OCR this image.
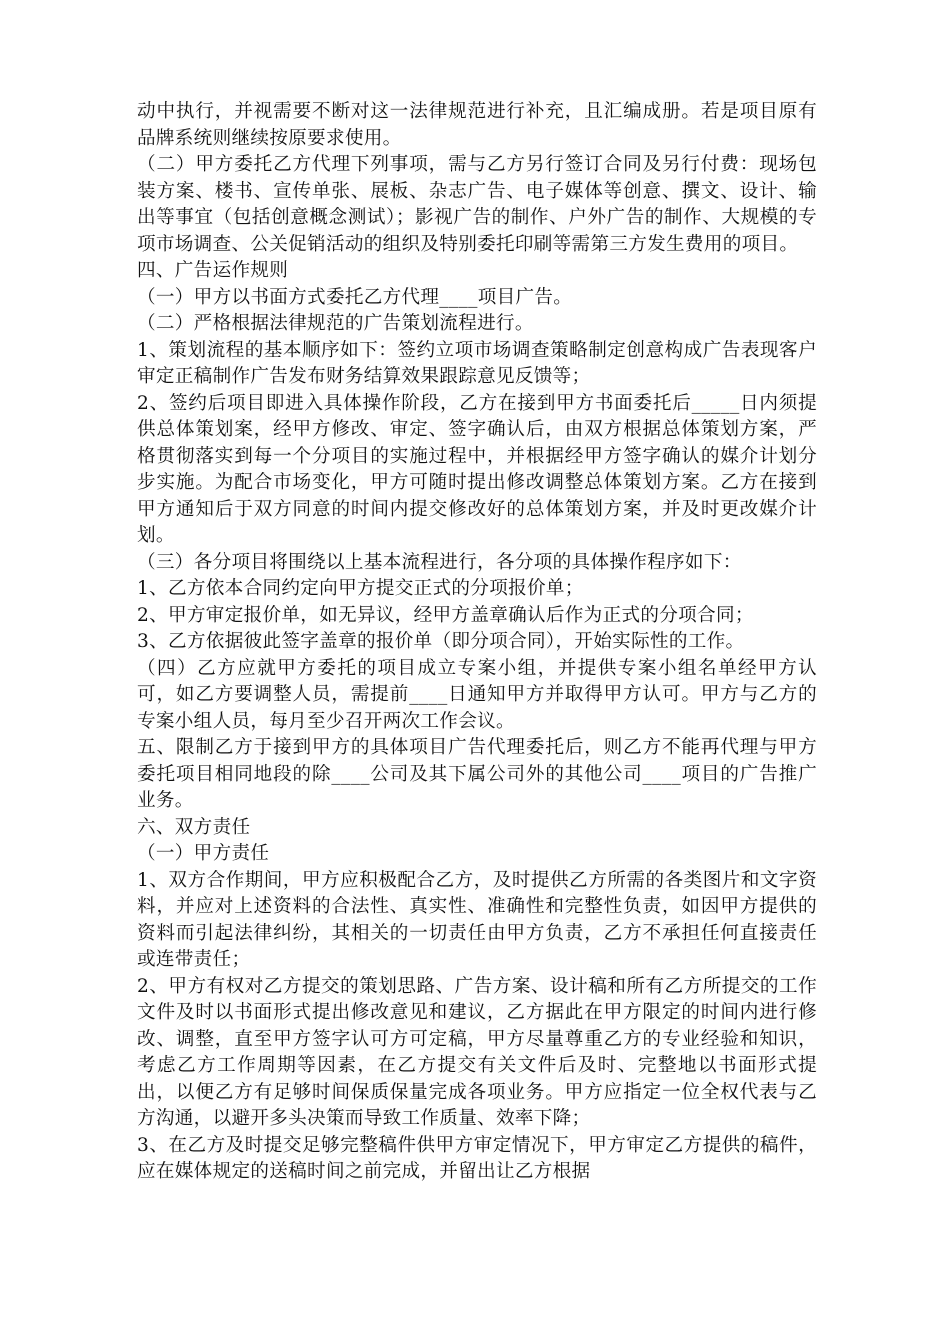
动中执行，并视需要不断对这一法律规范进行补充，且汇编成册。若是项目原有品牌系统则继续按原要求使用。

（二）甲方委托乙方代理下列事项，需与乙方另行签订合同及另行付费：现场包装方案、楼书、宣传单张、展板、杂志广告、电子媒体等创意、撰文、设计、输出等事宜（包括创意概念测试）；影视广告的制作、户外广告的制作、大规模的专项市场调查、公关促销活动的组织及特别委托印刷等需第三方发生费用的项目。

四、广告运作规则

（一）甲方以书面方式委托乙方代理____项目广告。

（二）严格根据法律规范的广告策划流程进行。

1、策划流程的基本顺序如下：签约立项市场调查策略制定创意构成广告表现客户审定正稿制作广告发布财务结算效果跟踪意见反馈等；

2、签约后项目即进入具体操作阶段，乙方在接到甲方书面委托后_____日内须提供总体策划案，经甲方修改、审定、签字确认后，由双方根据总体策划方案，严格贯彻落实到每一个分项目的实施过程中，并根据经甲方签字确认的媒介计划分步实施。为配合市场变化，甲方可随时提出修改调整总体策划方案。乙方在接到甲方通知后于双方同意的时间内提交修改好的总体策划方案，并及时更改媒介计划。

（三）各分项目将围绕以上基本流程进行，各分项的具体操作程序如下：

1、乙方依本合同约定向甲方提交正式的分项报价单；

2、甲方审定报价单，如无异议，经甲方盖章确认后作为正式的分项合同；

3、乙方依据彼此签字盖章的报价单（即分项合同），开始实际性的工作。

（四）乙方应就甲方委托的项目成立专案小组，并提供专案小组名单经甲方认可，如乙方要调整人员，需提前____日通知甲方并取得甲方认可。甲方与乙方的专案小组人员，每月至少召开两次工作会议。

五、限制乙方于接到甲方的具体项目广告代理委托后，则乙方不能再代理与甲方委托项目相同地段的除____公司及其下属公司外的其他公司____项目的广告推广业务。

六、双方责任

（一）甲方责任

1、双方合作期间，甲方应积极配合乙方，及时提供乙方所需的各类图片和文字资料，并应对上述资料的合法性、真实性、准确性和完整性负责，如因甲方提供的资料而引起法律纠纷，其相关的一切责任由甲方负责，乙方不承担任何直接责任或连带责任；

2、甲方有权对乙方提交的策划思路、广告方案、设计稿和所有乙方所提交的工作文件及时以书面形式提出修改意见和建议，乙方据此在甲方限定的时间内进行修改、调整，直至甲方签字认可方可定稿，甲方尽量尊重乙方的专业经验和知识，考虑乙方工作周期等因素，在乙方提交有关文件后及时、完整地以书面形式提出，以便乙方有足够时间保质保量完成各项业务。甲方应指定一位全权代表与乙方沟通，以避开多头决策而导致工作质量、效率下降；

3、在乙方及时提交足够完整稿件供甲方审定情况下，甲方审定乙方提供的稿件，应在媒体规定的送稿时间之前完成，并留出让乙方根据
